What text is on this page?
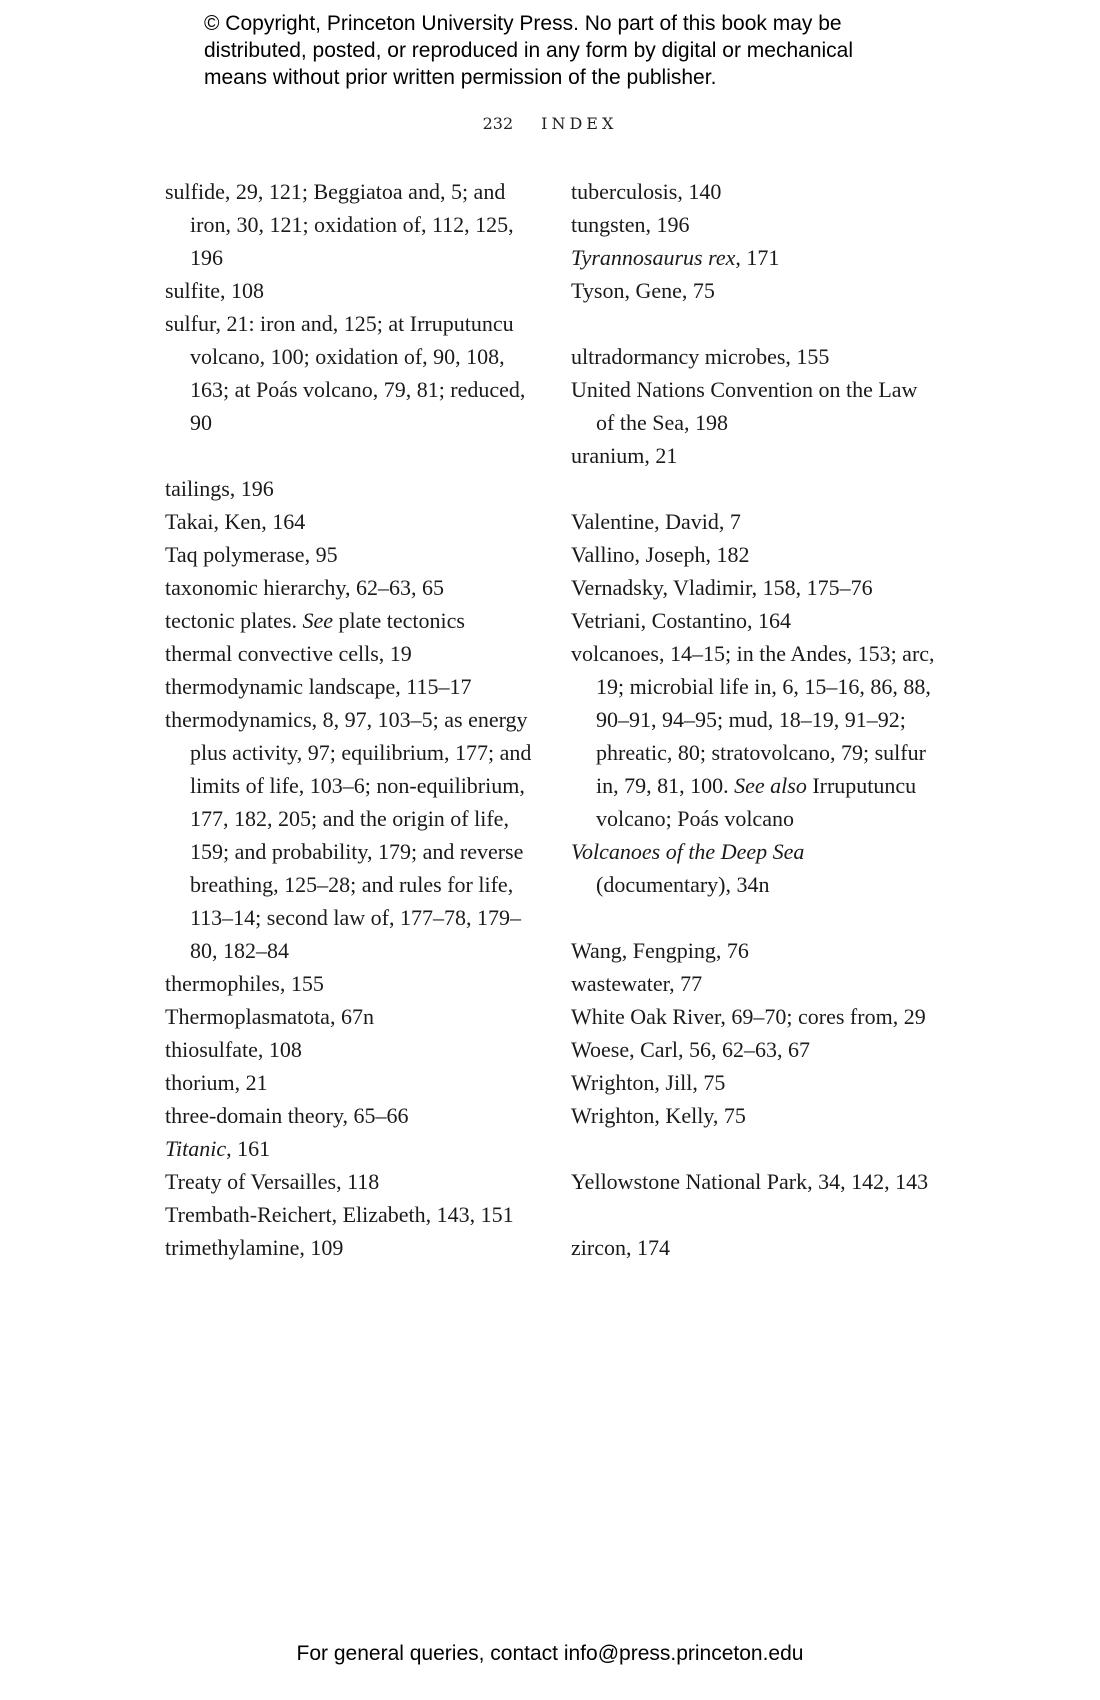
© Copyright, Princeton University Press. No part of this book may be
distributed, posted, or reproduced in any form by digital or mechanical
means without prior written permission of the publisher.
232 INDEX
sulfide, 29, 121; Beggiatoa and, 5; and iron, 30, 121; oxidation of, 112, 125, 196
sulfite, 108
sulfur, 21: iron and, 125; at Irruputuncu volcano, 100; oxidation of, 90, 108, 163; at Poás volcano, 79, 81; reduced, 90
tailings, 196
Takai, Ken, 164
Taq polymerase, 95
taxonomic hierarchy, 62–63, 65
tectonic plates. See plate tectonics
thermal convective cells, 19
thermodynamic landscape, 115–17
thermodynamics, 8, 97, 103–5; as energy plus activity, 97; equilibrium, 177; and limits of life, 103–6; non-equilibrium, 177, 182, 205; and the origin of life, 159; and probability, 179; and reverse breathing, 125–28; and rules for life, 113–14; second law of, 177–78, 179–80, 182–84
thermophiles, 155
Thermoplasmatota, 67n
thiosulfate, 108
thorium, 21
three-domain theory, 65–66
Titanic, 161
Treaty of Versailles, 118
Trembath-Reichert, Elizabeth, 143, 151
trimethylamine, 109
tuberculosis, 140
tungsten, 196
Tyrannosaurus rex, 171
Tyson, Gene, 75
ultradormancy microbes, 155
United Nations Convention on the Law of the Sea, 198
uranium, 21
Valentine, David, 7
Vallino, Joseph, 182
Vernadsky, Vladimir, 158, 175–76
Vetriani, Costantino, 164
volcanoes, 14–15; in the Andes, 153; arc, 19; microbial life in, 6, 15–16, 86, 88, 90–91, 94–95; mud, 18–19, 91–92; phreatic, 80; stratovolcano, 79; sulfur in, 79, 81, 100. See also Irruputuncu volcano; Poás volcano
Volcanoes of the Deep Sea (documentary), 34n
Wang, Fengping, 76
wastewater, 77
White Oak River, 69–70; cores from, 29
Woese, Carl, 56, 62–63, 67
Wrighton, Jill, 75
Wrighton, Kelly, 75
Yellowstone National Park, 34, 142, 143
zircon, 174
For general queries, contact info@press.princeton.edu
